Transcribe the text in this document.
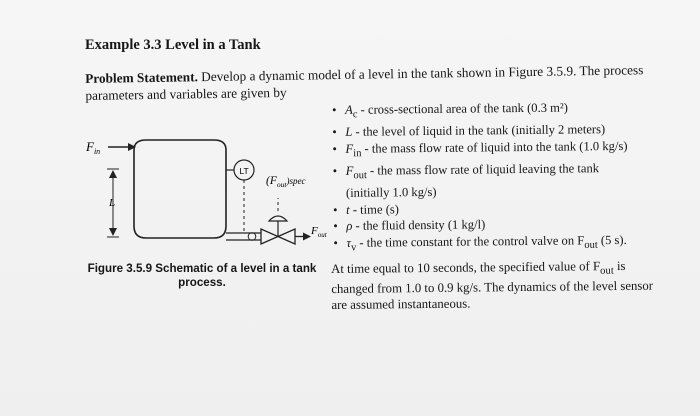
Example 3.3 Level in a Tank
Problem Statement. Develop a dynamic model of a level in the tank shown in Figure 3.5.9. The process parameters and variables are given by
$F_{in}$
L
LT
($F_{out}^{)spec}$
$F_{out}$
Figure 3.5.9 Schematic of a level in a tank process.
• $A_c$ - cross-sectional area of the tank (0.3 m²)
• L - the level of liquid in the tank (initially 2 meters)
• $F_{in}$ - the mass flow rate of liquid into the tank (1.0 kg/s)
• $F_{out}$ - the mass flow rate of liquid leaving the tank
(initially 1.0 kg/s)
• t - time (s)
• ρ - the fluid density (1 kg/l)
• $\tau_v$ - the time constant for the control valve on $F_{out}$ (5 s).
At time equal to 10 seconds, the specified value of $F_{out}$ is changed from 1.0 to 0.9 kg/s. The dynamics of the level sensor are assumed instantaneous.
